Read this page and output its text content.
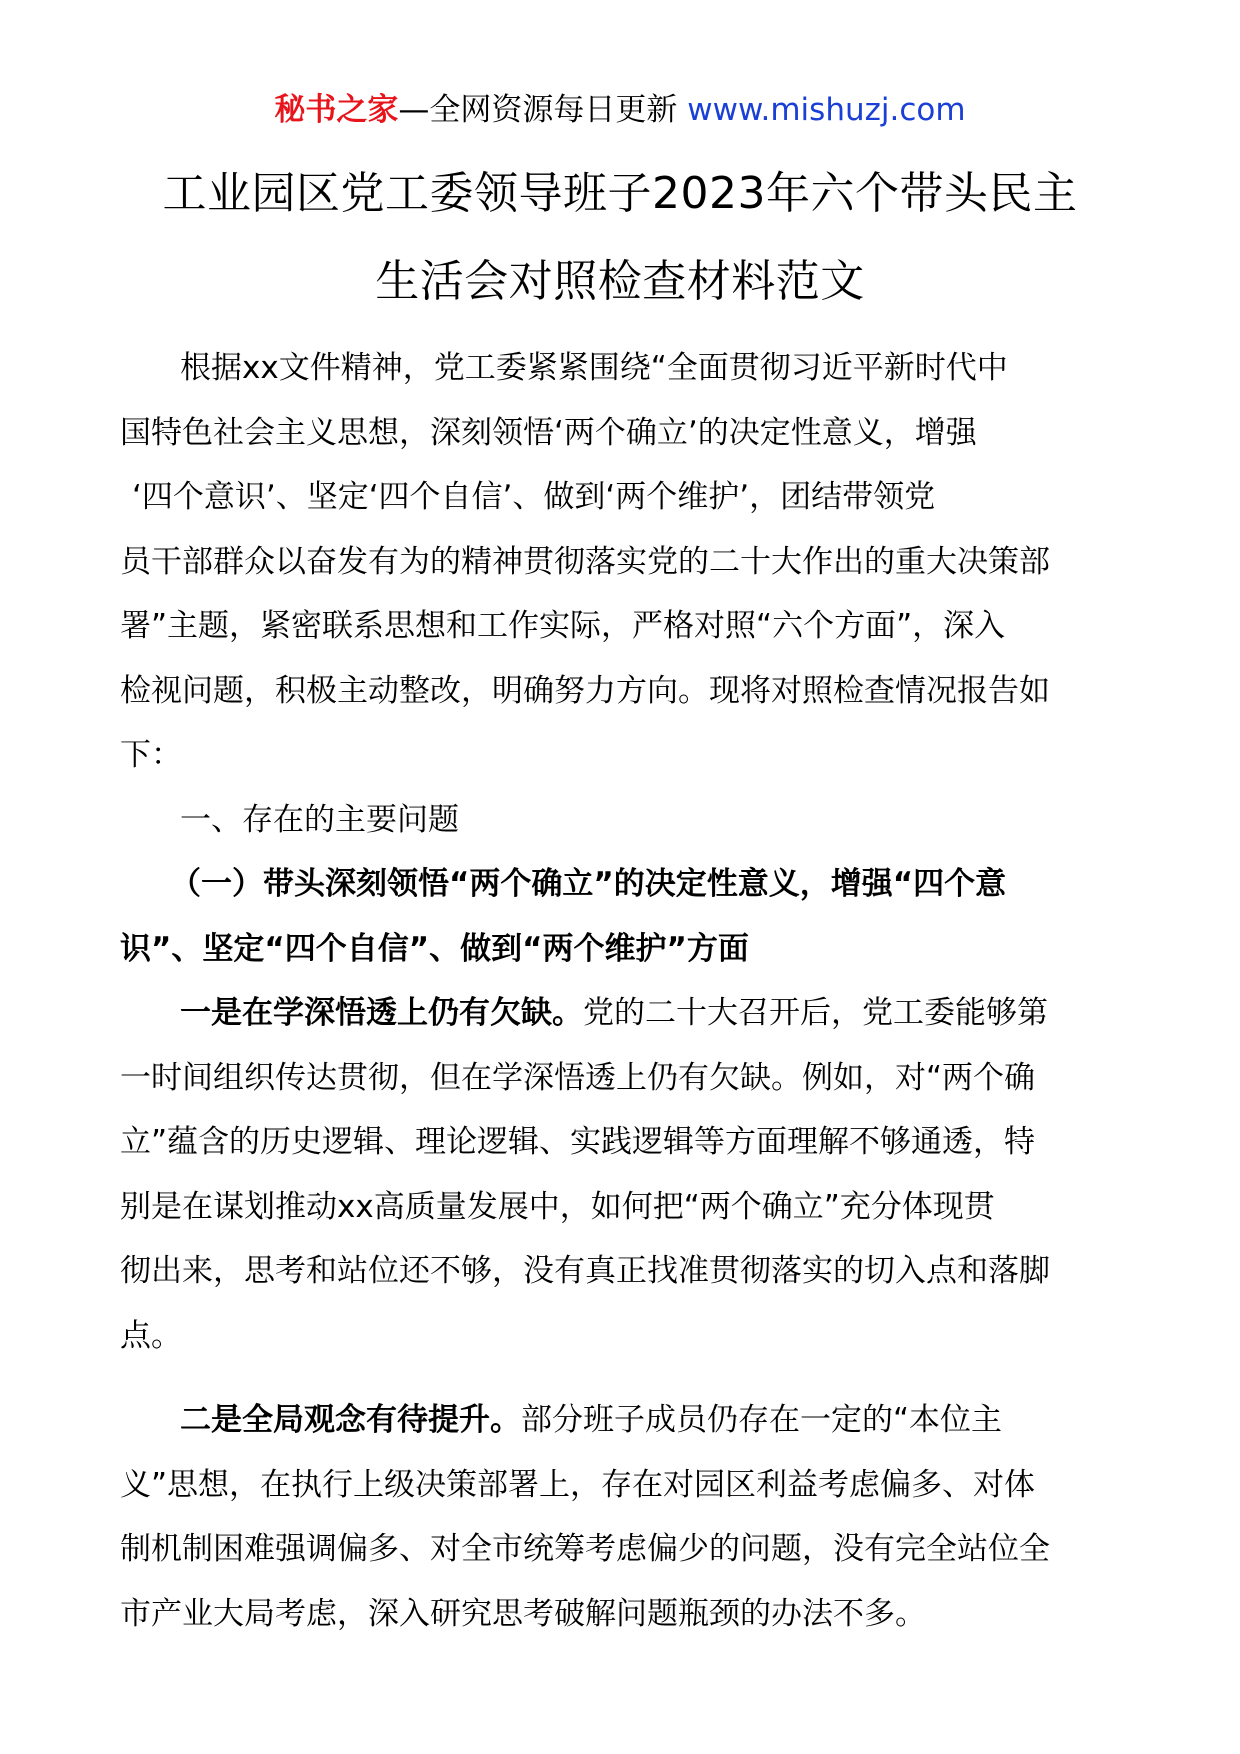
秘书之家—全网资源每日更新 www.mishuzj.com
工业园区党工委领导班子2023年六个带头民主
生活会对照检查材料范文
根据xx文件精神，党工委紧紧围绕“全面贯彻习近平新时代中
国特色社会主义思想，深刻领悟‘两个确立’的决定性意义，增强
‘四个意识’、坚定‘四个自信’、做到‘两个维护’，团结带领党
员干部群众以奋发有为的精神贯彻落实党的二十大作出的重大决策部
署”主题，紧密联系思想和工作实际，严格对照“六个方面”，深入
检视问题，积极主动整改，明确努力方向。现将对照检查情况报告如
下：
一、存在的主要问题
（一）带头深刻领悟“两个确立”的决定性意义，增强“四个意
识”、坚定“四个自信”、做到“两个维护”方面
一是在学深悟透上仍有欠缺。党的二十大召开后，党工委能够第
一时间组织传达贯彻，但在学深悟透上仍有欠缺。例如，对“两个确
立”蕴含的历史逻辑、理论逻辑、实践逻辑等方面理解不够通透，特
别是在谋划推动xx高质量发展中，如何把“两个确立”充分体现贯
彻出来，思考和站位还不够，没有真正找准贯彻落实的切入点和落脚
点。
二是全局观念有待提升。部分班子成员仍存在一定的“本位主
义”思想，在执行上级决策部署上，存在对园区利益考虑偏多、对体
制机制困难强调偏多、对全市统筹考虑偏少的问题，没有完全站位全
市产业大局考虑，深入研究思考破解问题瓶颈的办法不多。
